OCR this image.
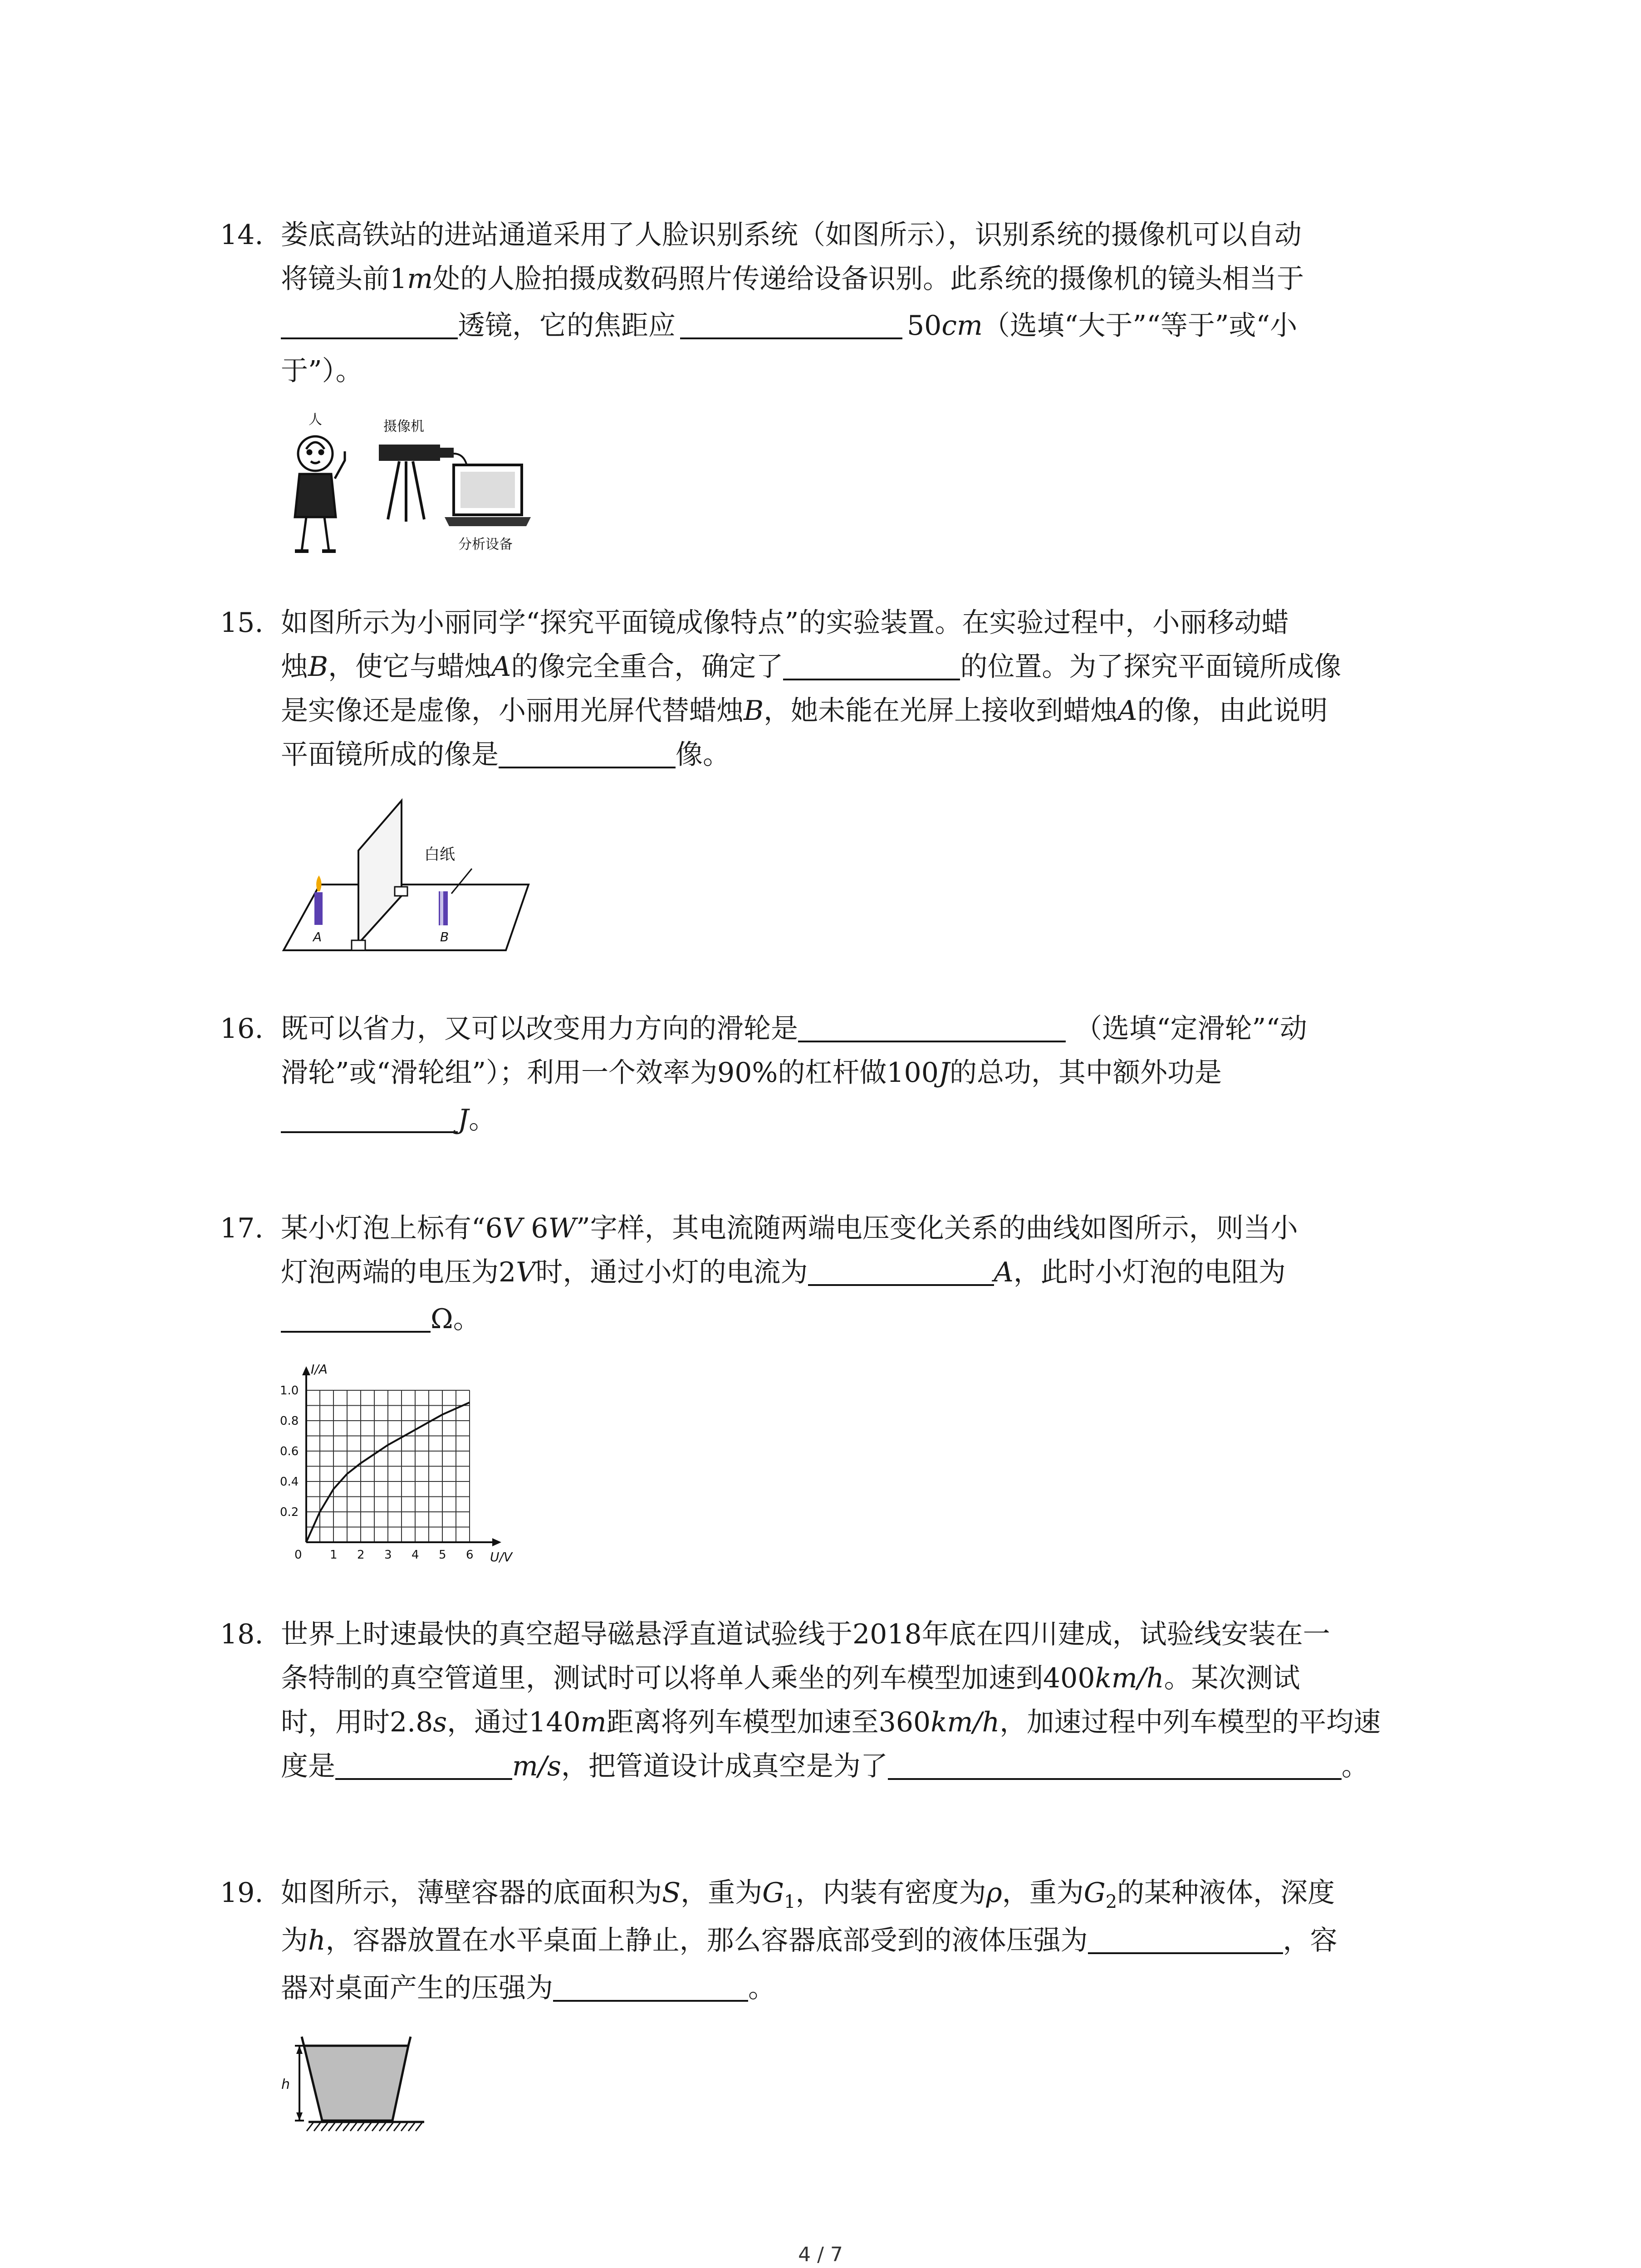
14. 娄底高铁站的进站通道采用了人脸识别系统（如图所示），识别系统的摄像机可以自动
将镜头前1m处的人脸拍摄成数码照片传递给设备识别。此系统的摄像机的镜头相当于
透镜，它的焦距应	50cm（选填“大于”“等于”或“小
于”）。
人	摄像机
分析设备
15. 如图所示为小丽同学“探究平面镜成像特点”的实验装置。在实验过程中，小丽移动蜡
烛B，使它与蜡烛A的像完全重合，确定了	的位置。为了探究平面镜所成像
是实像还是虚像，小丽用光屏代替蜡烛B，她未能在光屏上接收到蜡烛A的像，由此说明
平面镜所成的像是	像。
白纸
A	B
16. 既可以省力，又可以改变用力方向的滑轮是	（选填“定滑轮”“动
滑轮”或“滑轮组”）；利用一个效率为90%的杠杆做100J的总功，其中额外功是
J。
17. 某小灯泡上标有“6V 6W”字样，其电流随两端电压变化关系的曲线如图所示，则当小
灯泡两端的电压为2V时，通过小灯的电流为	A，此时小灯泡的电阻为
Ω。
0 1 2 3 4 5 6
0.2
0.4
0.6
0.8
1.0
I/A
U/V
18. 世界上时速最快的真空超导磁悬浮直道试验线于2018年底在四川建成，试验线安装在一
条特制的真空管道里，测试时可以将单人乘坐的列车模型加速到400km/h。某次测试
时，用时2.8s，通过140m距离将列车模型加速至360km/h，加速过程中列车模型的平均速
度是	m/s，把管道设计成真空是为了	。
19. 如图所示，薄壁容器的底面积为S，重为$G_1$，内装有密度为ρ，重为$G_2$的某种液体，深度
为h，容器放置在水平桌面上静止，那么容器底部受到的液体压强为	，容
器对桌面产生的压强为	。
h
4 / 7
